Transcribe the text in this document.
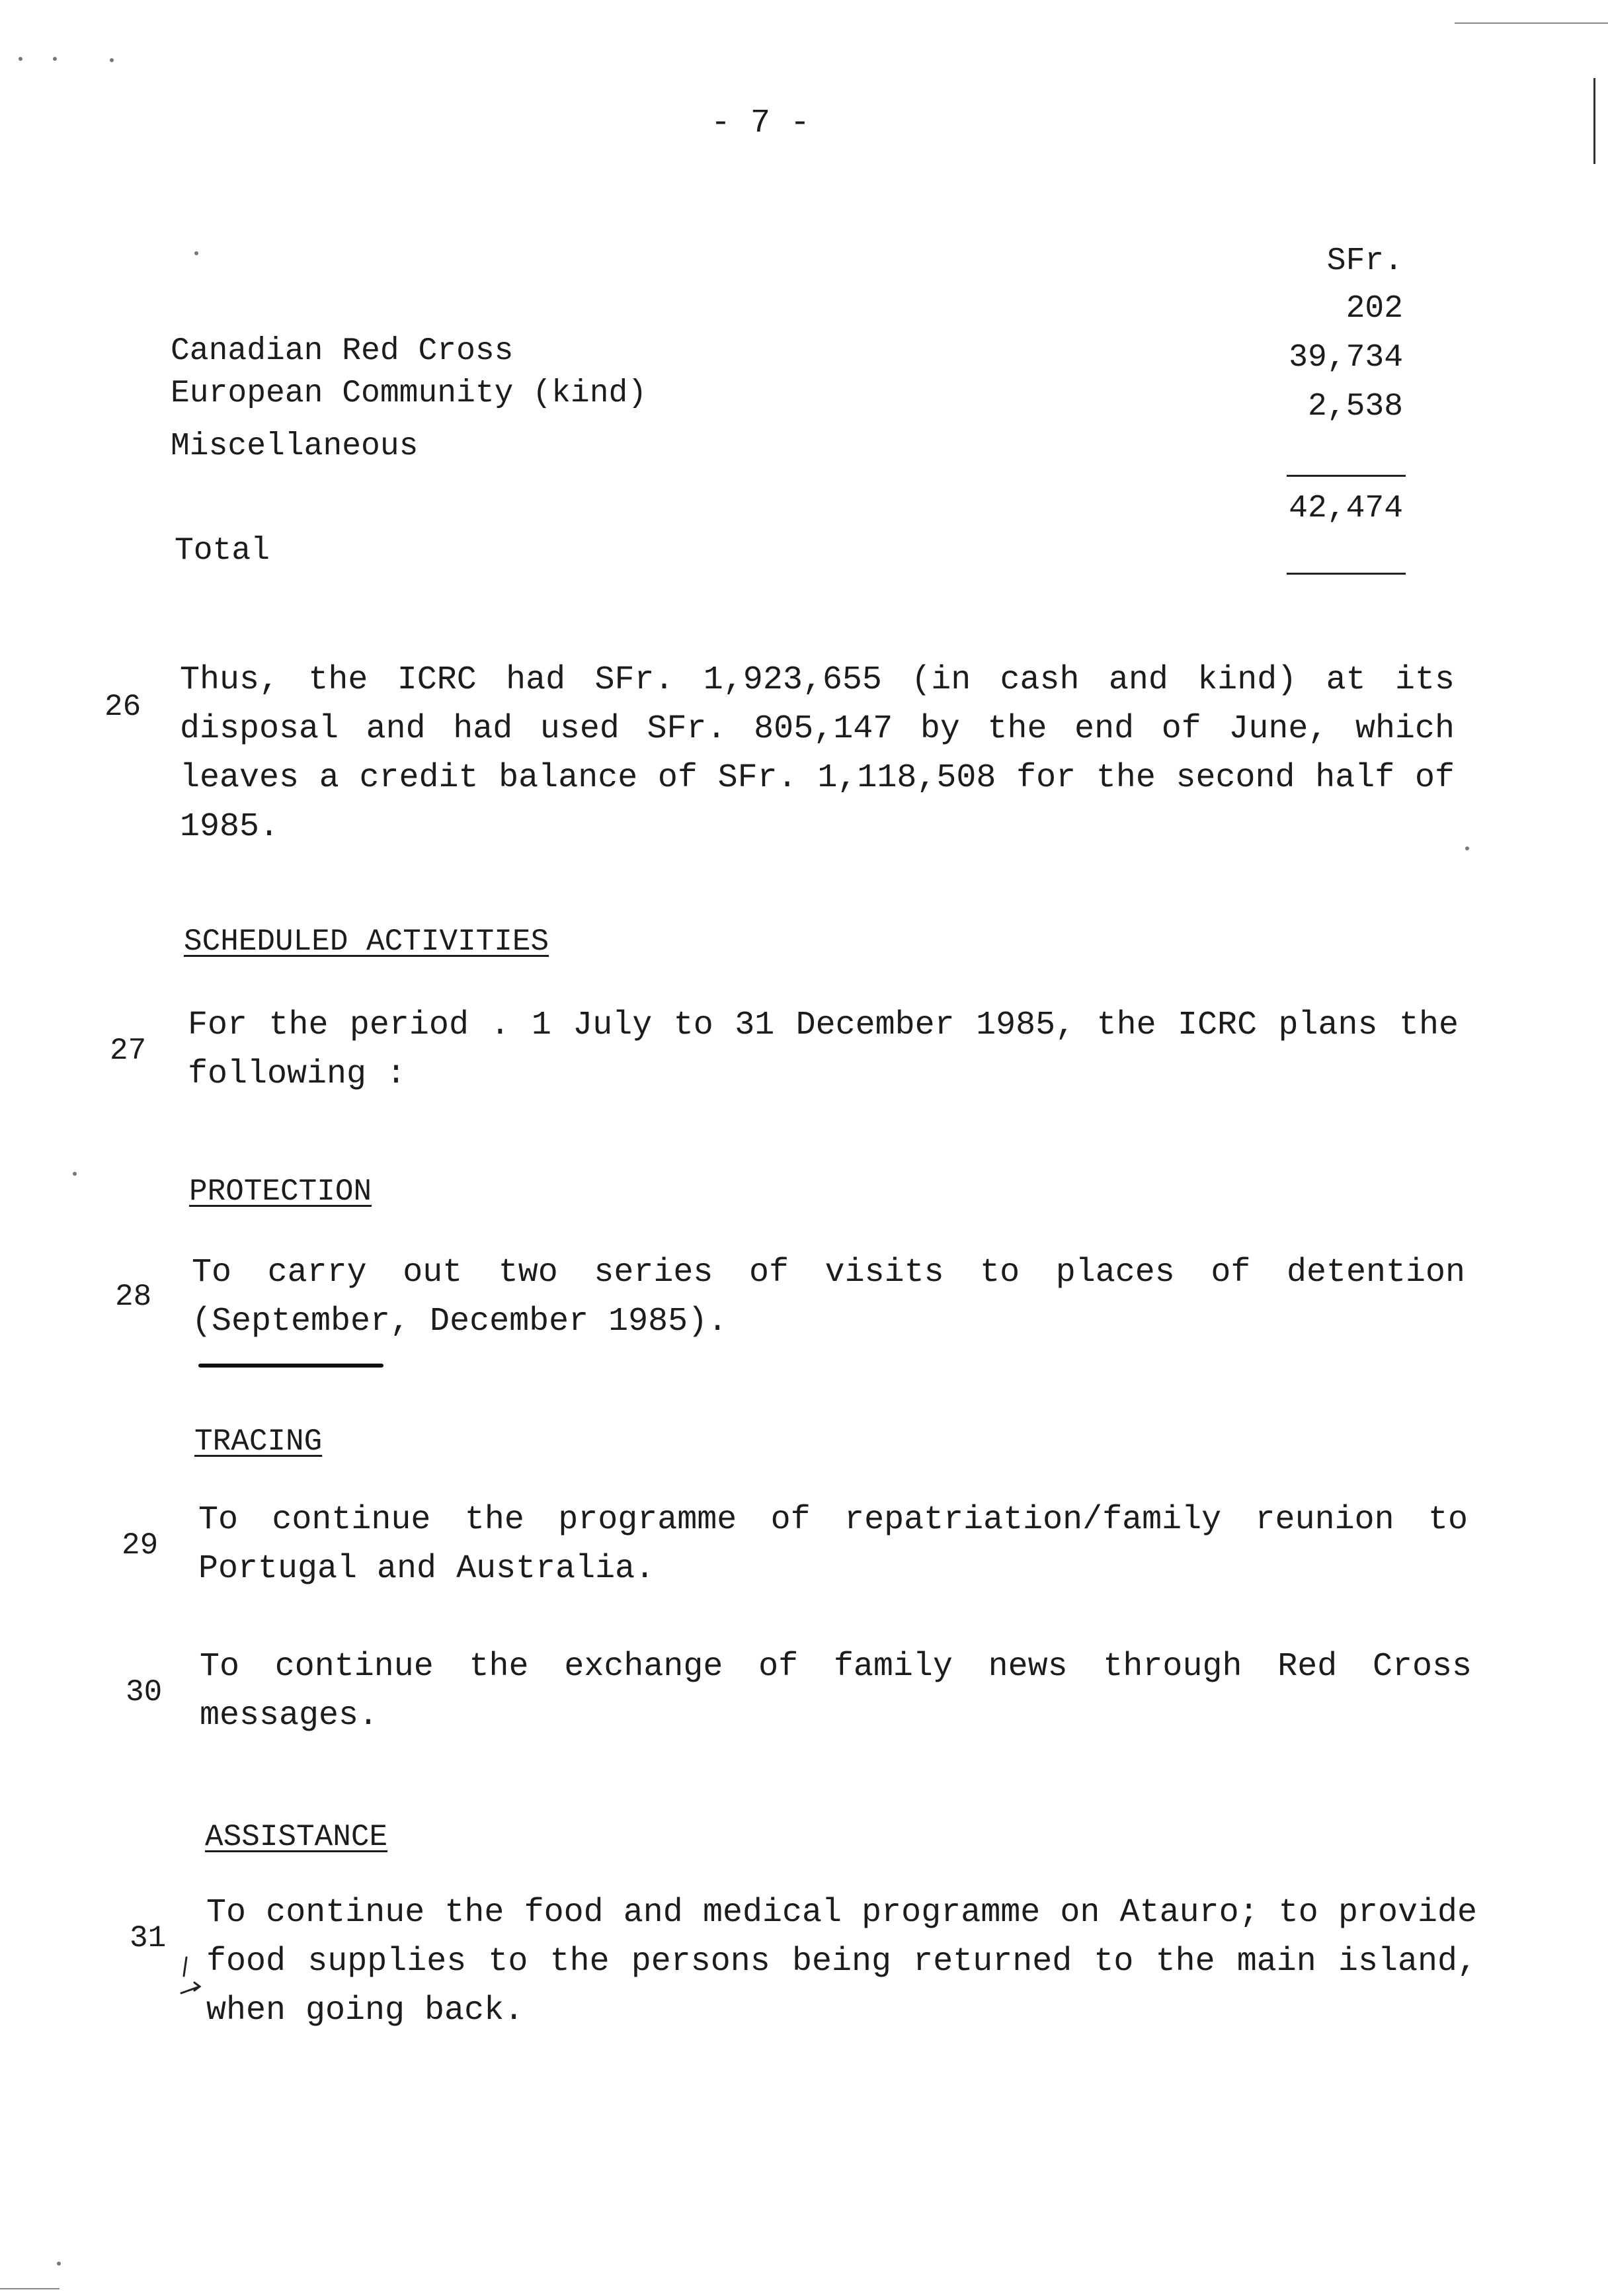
- 7 -
SFr.
202
Canadian Red Cross	39,734
European Community (kind)	2,538
Miscellaneous
42,474
Total
26
Thus, the ICRC had SFr. 1,923,655 (in cash and kind) at its
disposal and had used SFr. 805,147 by the end of June, which
leaves a credit balance of SFr. 1,118,508 for the second half of
1985.
SCHEDULED ACTIVITIES
27
For the period . 1 July to 31 December 1985, the ICRC plans the
following :
PROTECTION
28
To carry out two series of visits to places of detention
(September, December 1985).
TRACING
29
To continue the programme of repatriation/family reunion to
Portugal and Australia.
30
To continue the exchange of family news through Red Cross
messages.
ASSISTANCE
31
To continue the food and medical programme on Atauro; to provide
food supplies to the persons being returned to the main island,
when going back.
